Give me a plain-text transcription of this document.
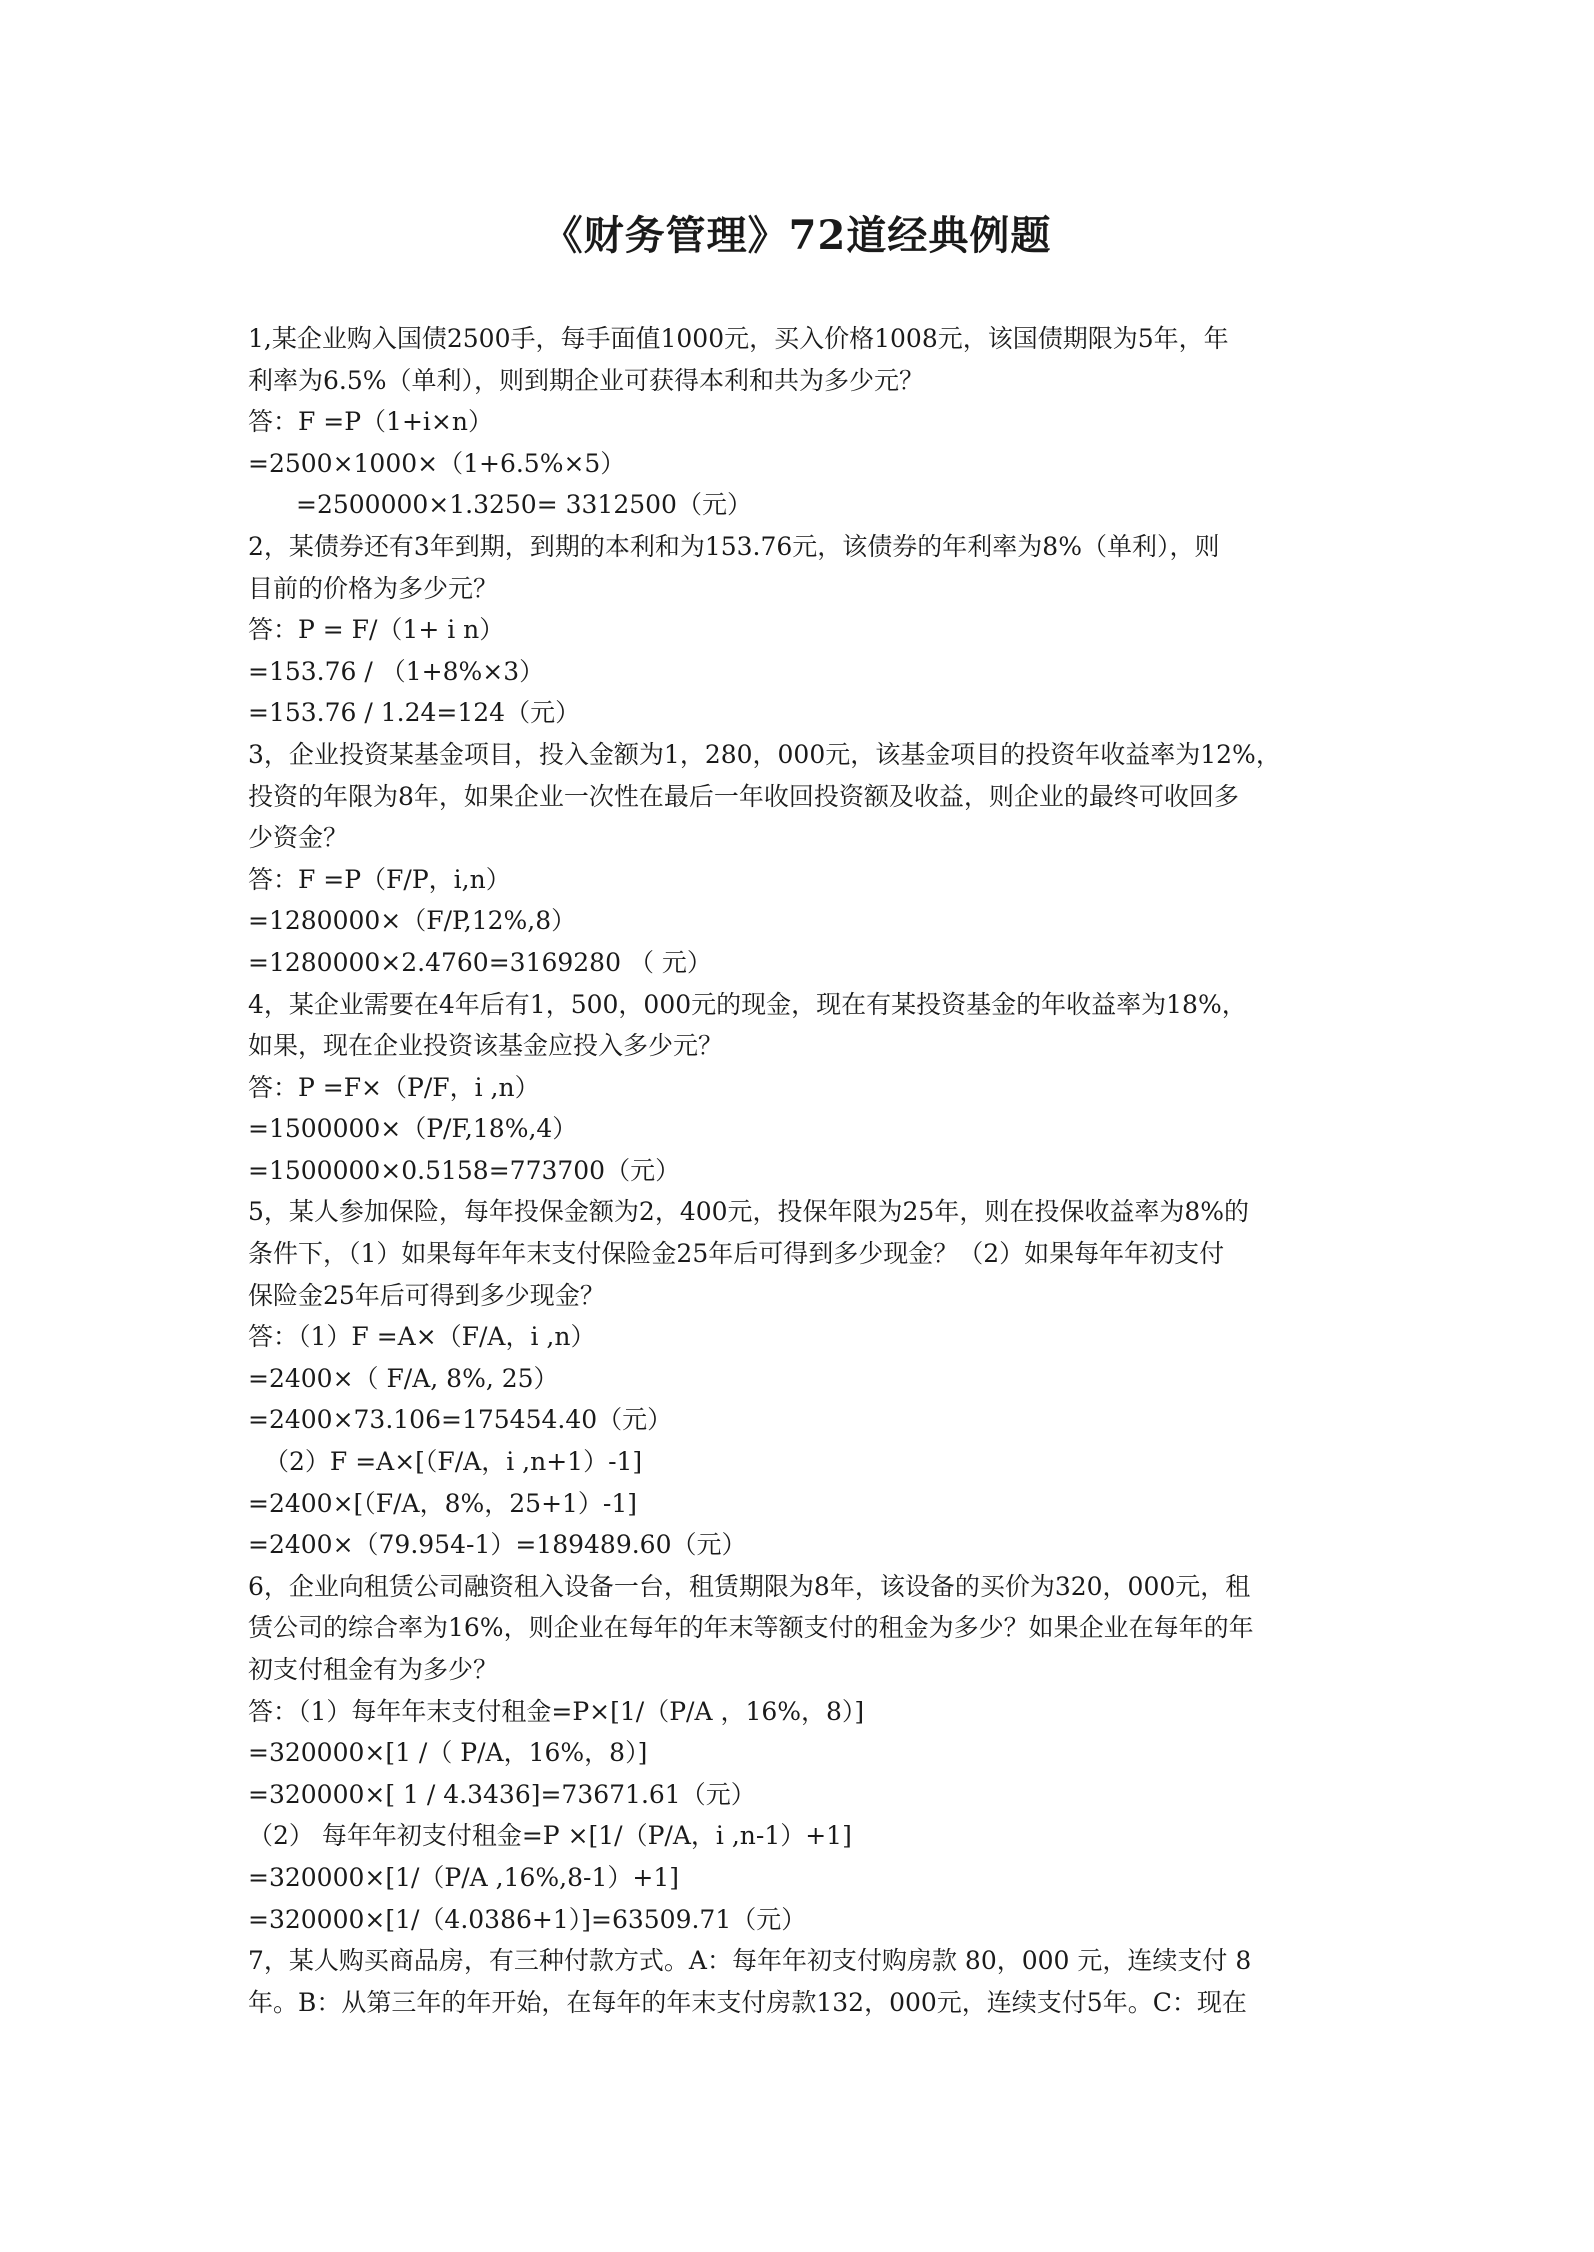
《财务管理》72道经典例题
1,某企业购入国债2500手，每手面值1000元，买入价格1008元，该国债期限为5年，年
利率为6.5%（单利），则到期企业可获得本利和共为多少元？
答：F =P（1+i×n）
=2500×1000×（1+6.5%×5）
=2500000×1.3250= 3312500（元）
2，某债券还有3年到期，到期的本利和为153.76元，该债券的年利率为8%（单利），则
目前的价格为多少元？
答：P = F/（1+ i n）
=153.76 / （1+8%×3）
=153.76 / 1.24=124（元）
3，企业投资某基金项目，投入金额为1，280，000元，该基金项目的投资年收益率为12%，
投资的年限为8年，如果企业一次性在最后一年收回投资额及收益，则企业的最终可收回多
少资金？
答：F =P（F/P，i,n）
=1280000×（F/P,12%,8）
=1280000×2.4760=3169280 （ 元）
4，某企业需要在4年后有1，500，000元的现金，现在有某投资基金的年收益率为18%，
如果，现在企业投资该基金应投入多少元？
答：P =F×（P/F，i ,n）
=1500000×（P/F,18%,4）
=1500000×0.5158=773700（元）
5，某人参加保险，每年投保金额为2，400元，投保年限为25年，则在投保收益率为8%的
条件下，（1）如果每年年末支付保险金25年后可得到多少现金？（2）如果每年年初支付
保险金25年后可得到多少现金？
答：（1）F =A×（F/A，i ,n）
=2400×（ F/A, 8%, 25）
=2400×73.106=175454.40（元）
（2）F =A×[（F/A，i ,n+1）-1]
=2400×[（F/A，8%，25+1）-1]
=2400×（79.954-1）=189489.60（元）
6，企业向租赁公司融资租入设备一台，租赁期限为8年，该设备的买价为320，000元，租
赁公司的综合率为16%，则企业在每年的年末等额支付的租金为多少？如果企业在每年的年
初支付租金有为多少？
答：（1）每年年末支付租金=P×[1/（P/A ，16%，8）]
=320000×[1 /（ P/A，16%，8）]
=320000×[ 1 / 4.3436]=73671.61（元）
（2） 每年年初支付租金=P ×[1/（P/A，i ,n-1）+1]
=320000×[1/（P/A ,16%,8-1）+1]
=320000×[1/（4.0386+1）]=63509.71（元）
7，某人购买商品房，有三种付款方式。A：每年年初支付购房款 80，000 元，连续支付 8
年。B：从第三年的年开始，在每年的年末支付房款132，000元，连续支付5年。C：现在
